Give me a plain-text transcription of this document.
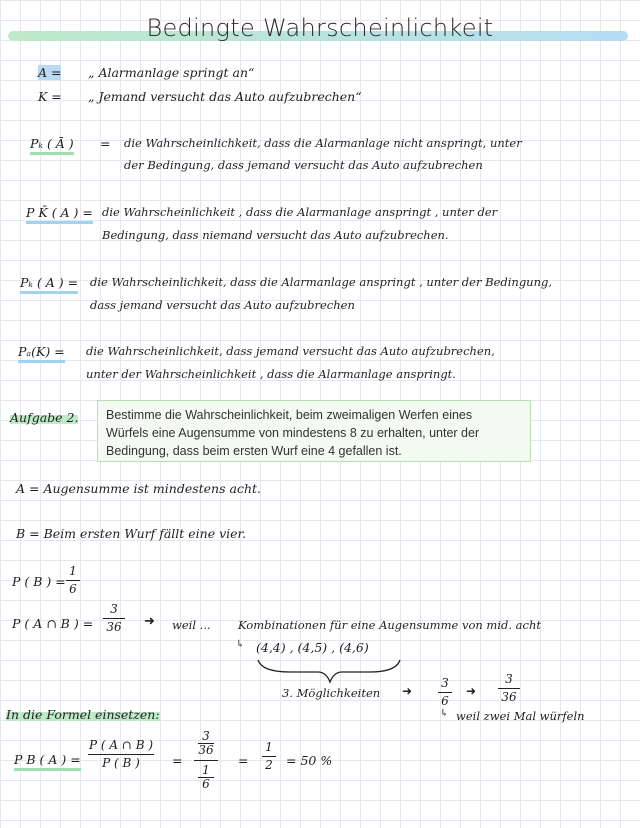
Bedingte Wahrscheinlichkeit
A = „ Alarmanlage springt an“
K = „ Jemand versucht das Auto aufzubrechen“
Pₖ ( Ā ) = die Wahrscheinlichkeit, dass die Alarmanlage nicht anspringt, unter
der Bedingung, dass jemand versucht das Auto aufzubrechen
P K̄ ( A ) = die Wahrscheinlichkeit , dass die Alarmanlage anspringt , unter der
Bedingung, dass niemand versucht das Auto aufzubrechen.
Pₖ ( A ) = die Wahrscheinlichkeit, dass die Alarmanlage anspringt , unter der Bedingung,
dass jemand versucht das Auto aufzubrechen
Pₐ(K) = die Wahrscheinlichkeit, dass jemand versucht das Auto aufzubrechen,
unter der Wahrscheinlichkeit , dass die Alarmanlage anspringt.
Aufgabe 2. Bestimme die Wahrscheinlichkeit, beim zweimaligen Werfen eines
Würfels eine Augensumme von mindestens 8 zu erhalten, unter der
Bedingung, dass beim ersten Wurf eine 4 gefallen ist.
A = Augensumme ist mindestens acht.
B = Beim ersten Wurf fällt eine vier.
P ( B ) =
1
6
P ( A ∩ B ) =
3
36 ➜ weil ... Kombinationen für eine Augensumme von mid. acht
↳ (4,4) , (4,5) , (4,6)
3. Möglichkeiten ➜
3
6
➜
3
36
↳ weil zwei Mal würfeln
In die Formel einsetzen:
P B ( A ) =
P ( A ∩ B )
P ( B )	=
3
36
1
6
=
1
2 = 50 %
